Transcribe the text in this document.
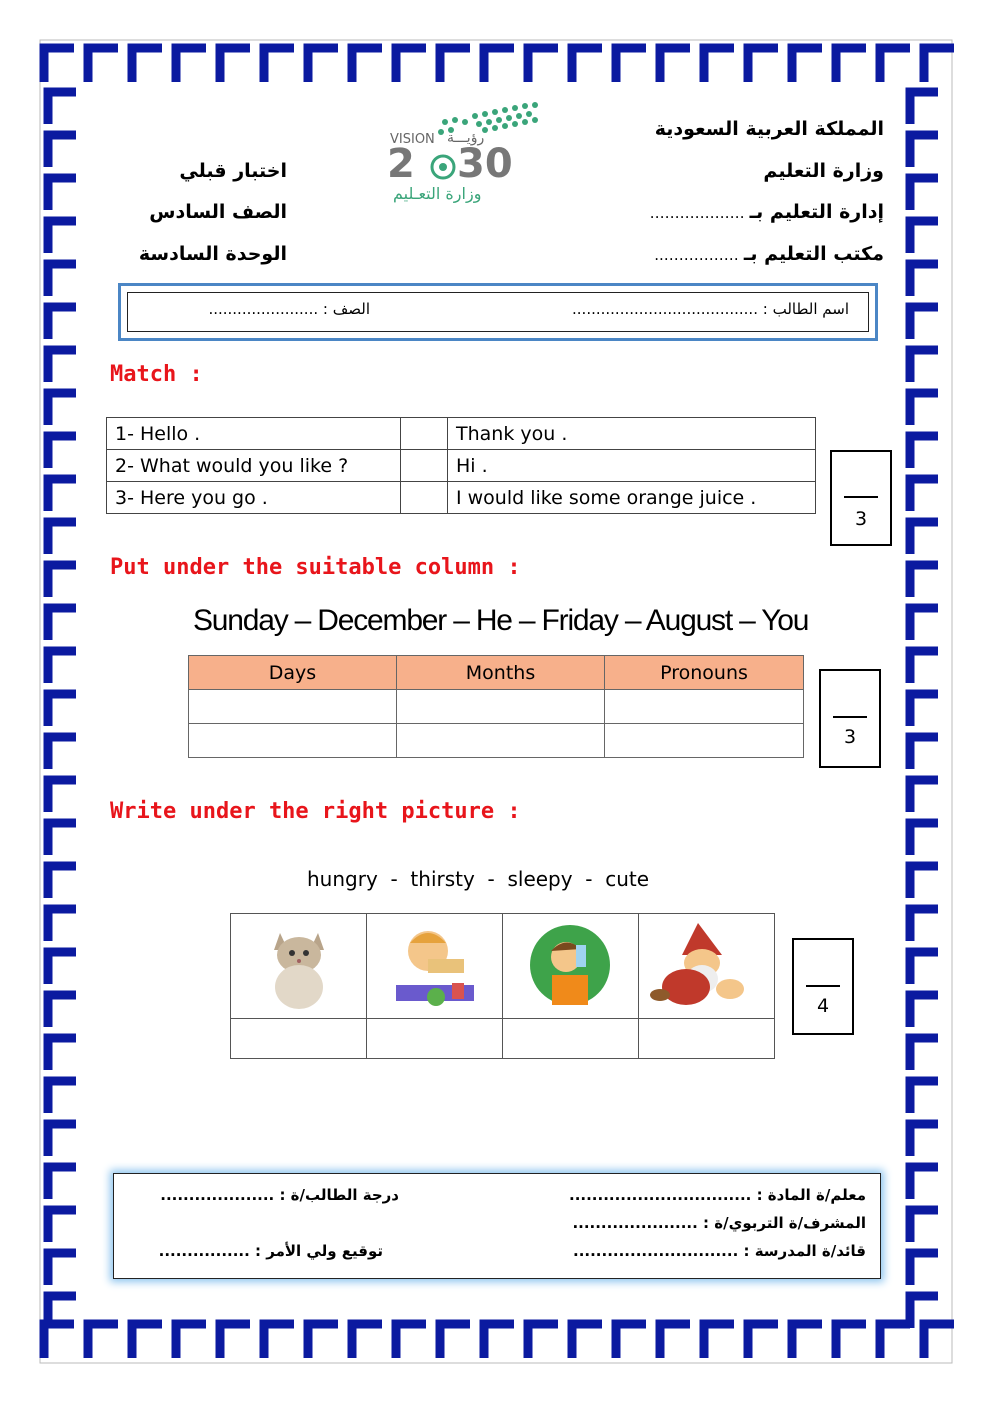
المملكة العربية السعودية
وزارة التعليم
إدارة التعليم بـ ……………….
مكتب التعليم بـ ……………..
اختبار قبلي
الصف السادس
الوحدة السادسة
VISION رؤيـــة
2 30
وزارة التعـليم
اسم الطالب : .......................................
الصف : .......................
Match :
1- Hello .		Thank you .
2- What would you like ?		Hi .
3- Here you go .		I would like some orange juice .
3
Put under the suitable column :
Sunday – December – He – Friday – August – You
Days	Months	Pronouns

3
Write under the right picture :
hungry  -  thirsty  -  sleepy  -  cute

4
معلم/ة المادة : ................................
المشرف/ة التربوي/ة : ......................
قائد/ة المدرسة : .............................
درجة الطالب/ة : ....................
توقيع ولي الأمر : ................
